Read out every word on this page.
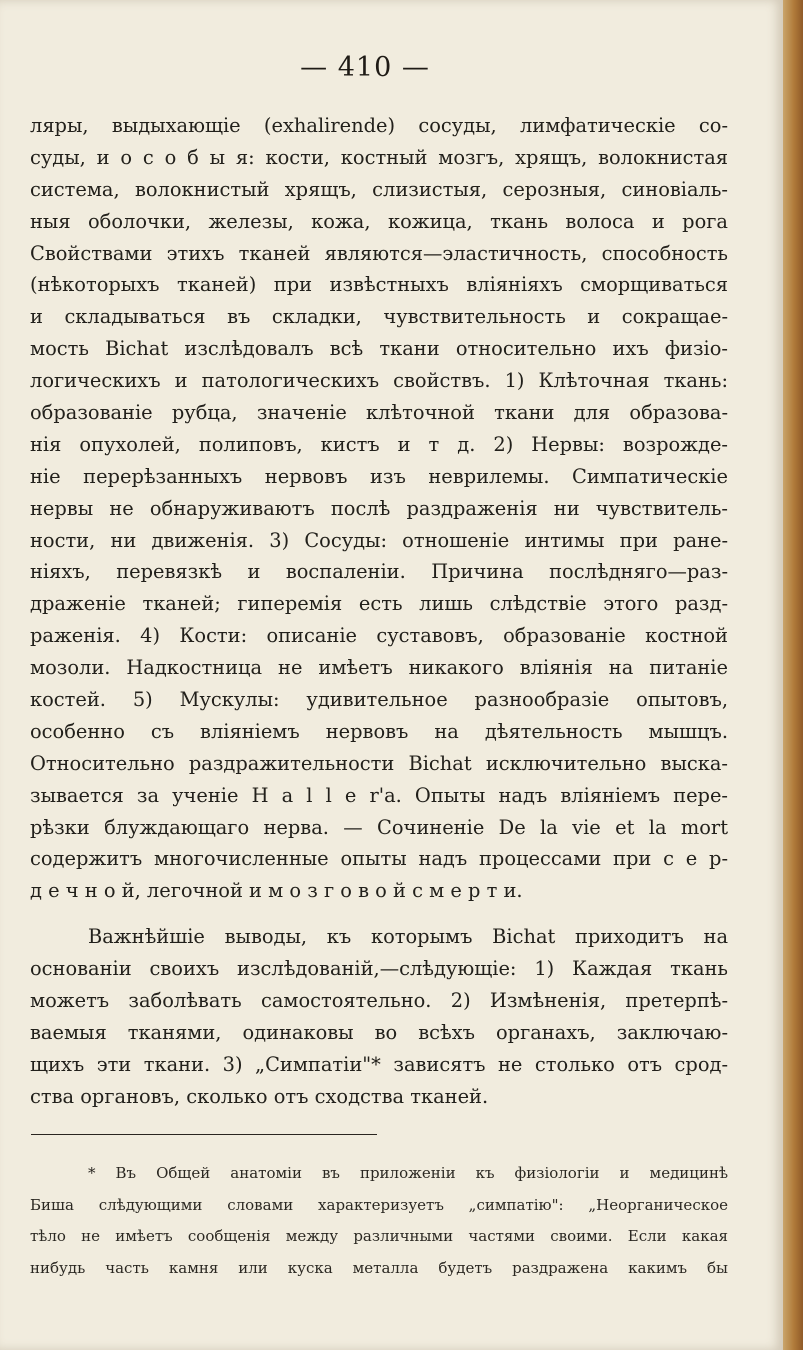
— 410 —
ляры, выдыхающіе (exhalirende) сосуды, лимфатическіе со-
суды, и о с о б ы я: кости, костный мозгъ, хрящъ, волокнистая
система, волокнистый хрящъ, слизистыя, серозныя, синовіаль-
ныя оболочки, железы, кожа, кожица, ткань волоса и рога
Свойствами этихъ тканей являются—эластичность, способность
(нѣкоторыхъ тканей) при извѣстныхъ вліяніяхъ сморщиваться
и складываться въ складки, чувствительность и сокращае-
мость Bichat изслѣдовалъ всѣ ткани относительно ихъ физіо-
логическихъ и патологическихъ свойствъ. 1) Клѣточная ткань:
образованіе рубца, значеніе клѣточной ткани для образова-
нія опухолей, полиповъ, кистъ и т д. 2) Нервы: возрожде-
ніе перерѣзанныхъ нервовъ изъ неврилемы. Симпатическіе
нервы не обнаруживаютъ послѣ раздраженія ни чувствитель-
ности, ни движенія. 3) Сосуды: отношеніе интимы при ране-
ніяхъ, перевязкѣ и воспаленіи. Причина послѣдняго—раз-
драженіе тканей; гиперемія есть лишь слѣдствіе этого разд-
раженія. 4) Кости: описаніе суставовъ, образованіе костной
мозоли. Надкостница не имѣетъ никакого вліянія на питаніе
костей. 5) Мускулы: удивительное разнообразіе опытовъ,
особенно съ вліяніемъ нервовъ на дѣятельность мышцъ.
Относительно раздражительности Bichat исключительно выска-
зывается за ученіе H a l l e r'а. Опыты надъ вліяніемъ пере-
рѣзки блуждающаго нерва. — Сочиненіе De la vie et la mort
содержитъ многочисленные опыты надъ процессами при с е р-
д е ч н о й, легочной и м о з г о в о й с м е р т и.
Важнѣйшіе выводы, къ которымъ Bichat приходитъ на
основаніи своихъ изслѣдованій,—слѣдующіе: 1) Каждая ткань
можетъ заболѣвать самостоятельно. 2) Измѣненія, претерпѣ-
ваемыя тканями, одинаковы во всѣхъ органахъ, заключаю-
щихъ эти ткани. 3) „Симпатіи"* зависятъ не столько отъ срод-
ства органовъ, сколько отъ сходства тканей.
* Въ Общей анатоміи въ приложеніи къ физіологіи и медицинѣ
Биша слѣдующими словами характеризуетъ „симпатію": „Неорганическое
тѣло не имѣетъ сообщенія между различными частями своими. Если какая
нибудь часть камня или куска металла будетъ раздражена какимъ бы
